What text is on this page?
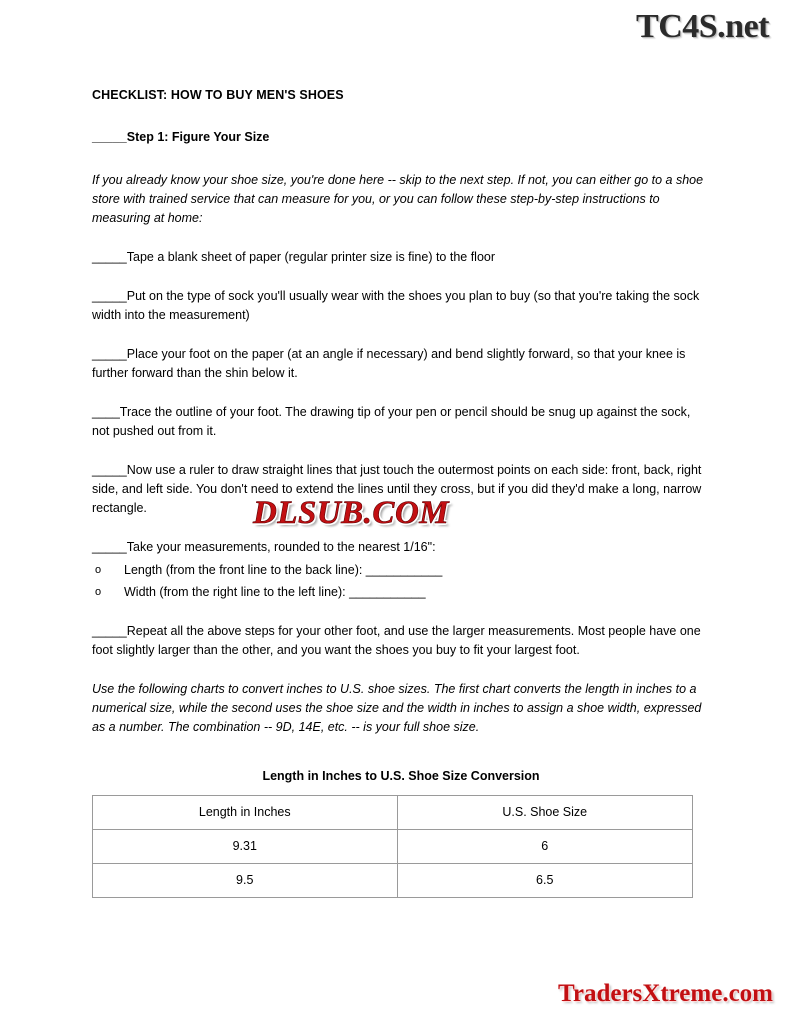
TC4S.net
CHECKLIST: HOW TO BUY MEN'S SHOES
_____Step 1: Figure Your Size

If you already know your shoe size, you're done here -- skip to the next step. If not, you can either go to a shoe store with trained service that can measure for you, or you can follow these step-by-step instructions to measuring at home:

_____Tape a blank sheet of paper (regular printer size is fine) to the floor

_____Put on the type of sock you'll usually wear with the shoes you plan to buy (so that you're taking the sock width into the measurement)

_____Place your foot on the paper (at an angle if necessary) and bend slightly forward, so that your knee is further forward than the shin below it.

____Trace the outline of your foot. The drawing tip of your pen or pencil should be snug up against the sock, not pushed out from it.

_____Now use a ruler to draw straight lines that just touch the outermost points on each side: front, back, right side, and left side. You don't need to extend the lines until they cross, but if you did they'd make a long, narrow rectangle.

_____Take your measurements, rounded to the nearest 1/16":

o Length (from the front line to the back line): ___________
o Width (from the right line to the left line): ___________

_____Repeat all the above steps for your other foot, and use the larger measurements. Most people have one foot slightly larger than the other, and you want the shoes you buy to fit your largest foot.

Use the following charts to convert inches to U.S. shoe sizes. The first chart converts the length in inches to a numerical size, while the second uses the shoe size and the width in inches to assign a shoe width, expressed as a number. The combination -- 9D, 14E, etc. -- is your full shoe size.

Length in Inches to U.S. Shoe Size Conversion
Length in Inches	U.S. Shoe Size
9.31	6
9.5	6.5
DLSUB.COM
TradersXtreme.com
